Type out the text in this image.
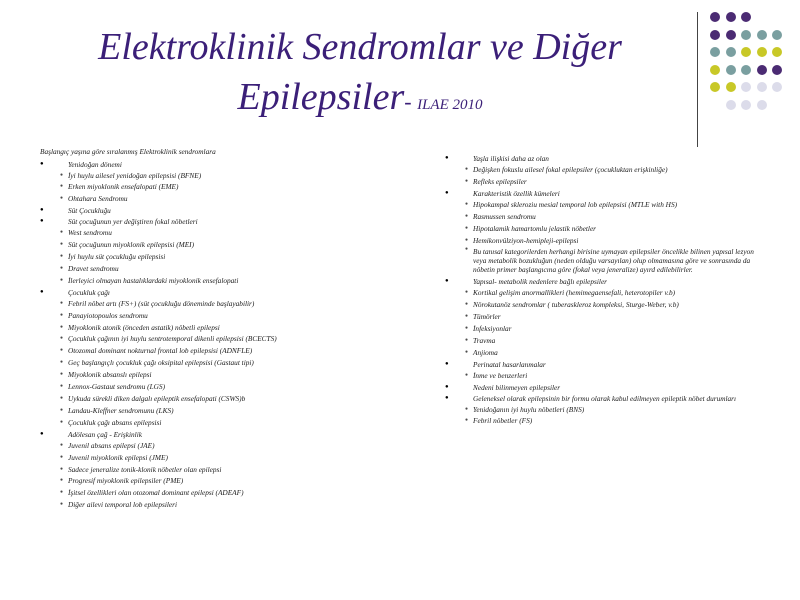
Elektroklinik Sendromlar ve Diğer
Epilepsiler- ILAE 2010
Başlangıç yaşına göre sıralanmış Elektroklinik sendromlara
● Yenidoğan dönemi
● İyi huylu ailesel yenidoğan epilepsisi (BFNE)
● Erken miyoklonik ensefalopati (EME)
● Ohtahara Sendromu
● Süt Çocukluğu
● Süt çocuğunun yer değiştiren fokal nöbetleri
● West sendromu
● Süt çocuğunun miyoklonik epilepsisi (MEI)
● İyi huylu süt çocukluğu epilepsisi
● Dravet sendromu
● İlerleyici olmayan hastalıklardaki miyoklonik ensefalopati
● Çocukluk çağı
● Febril nöbet artı (FS+) (süt çocukluğu döneminde başlayabilir)
● Panayiotopoulos sendromu
● Miyoklonik atonik (önceden astatik) nöbetli epilepsi
● Çocukluk çağının iyi huylu sentrotemporal dikenli epilepsisi (BCECTS)
● Otozomal dominant nokturnal frontal lob epilepsisi (ADNFLE)
● Geç başlangıçlı çocukluk çağı oksipital epilepsisi (Gastaut tipi)
● Miyoklonik absanslı epilepsi
● Lennox-Gastaut sendromu (LGS)
● Uykuda sürekli diken dalgalı epileptik ensefalopati (CSWS)b
● Landau-Kleffner sendromunu (LKS)
● Çocukluk çağı absans epilepsisi
● Adölesan çağ - Erişkinlik
● Juvenil absans epilepsi (JAE)
● Juvenil miyoklonik epilepsi (JME)
● Sadece jeneralize tonik-klonik nöbetler olan epilepsi
● Progresif miyoklonik epilepsiler (PME)
● İşitsel özellikleri olan otozomal dominant epilepsi (ADEAF)
● Diğer ailevi temporal lob epilepsileri
● Yaşla ilişkisi daha az olan
● Değişken fokuslu ailesel fokal epilepsiler (çocukluktan erişkinliğe)
● Refleks epilepsiler
● Karakteristik özellik kümeleri
● Hipokampal skleroziu mesial temporal lob epilepsisi (MTLE with HS)
● Rasmussen sendromu
● Hipotalamik hamartomlu jelastik nöbetler
● Hemikonvülziyon-hemipleji-epilepsi
● Bu tanısal kategorilerden herhangi birisine uymayan epilepsiler öncelikle bilinen yapısal lezyon veya metabolik bozukluğun (neden olduğu varsayılan) olup olmamasına göre ve sonrasında da nöbetin primer başlangıcına göre (fokal veya jeneralize) ayırd edilebilirler.
● Yapısal- metabolik nedenlere bağlı epilepsiler
● Kortikal gelişim anormallikleri (hemimegaensefali, heterotopiler v.b)
● Nörokutanöz sendromlar ( tuberaskleroz kompleksi, Sturge-Weber, v.b)
● Tümörler
● İnfeksiyonlar
● Travma
● Anjioma
● Perinatal hasarlanmalar
● İnme ve benzerleri
● Nedeni bilinmeyen epilepsiler
● Geleneksel olarak epilepsinin bir formu olarak kabul edilmeyen epileptik nöbet durumları
● Yenidoğanın iyi huylu nöbetleri (BNS)
● Febril nöbetler (FS)
